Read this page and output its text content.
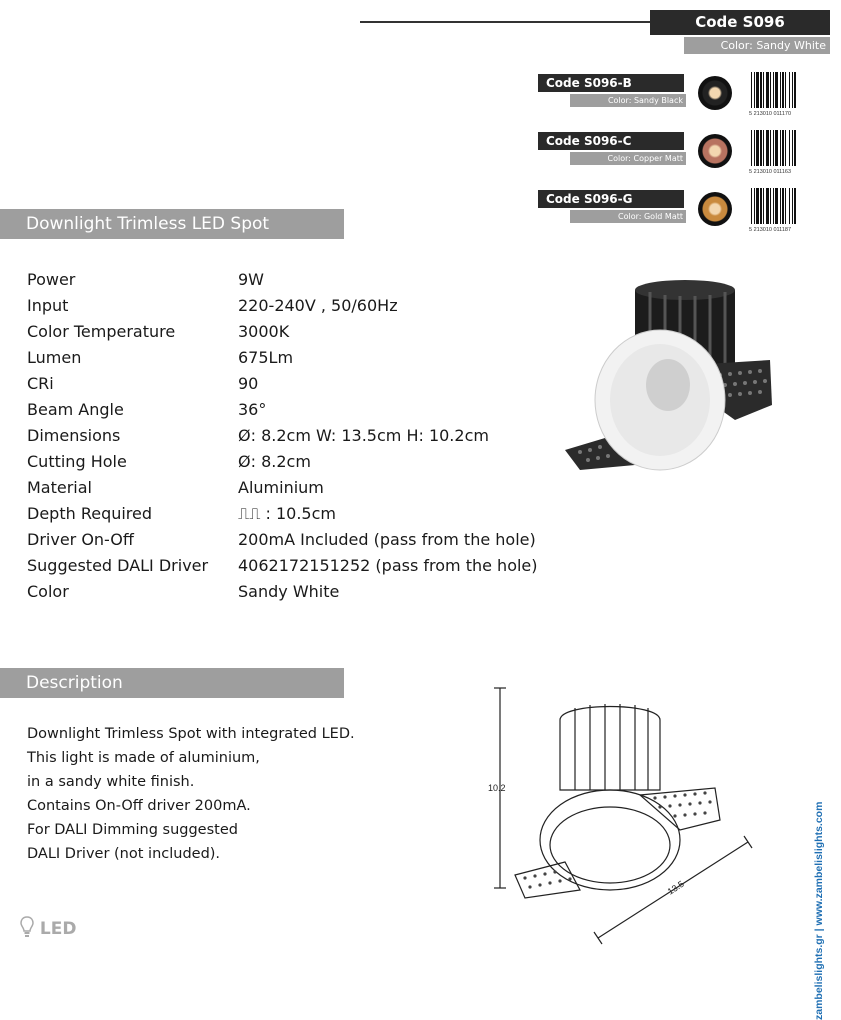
Code S096
Color: Sandy White
Code S096-B
Color: Sandy Black
5 213010 011170
Code S096-C
Color: Copper Matt
5 213010 011163
Code S096-G
Color: Gold Matt
5 213010 011187
Downlight Trimless LED Spot
Power	9W
Input	220-240V , 50/60Hz
Color Temperature	3000K
Lumen	675Lm
CRi	90
Beam Angle	36°
Dimensions	Ø: 8.2cm W: 13.5cm H: 10.2cm
Cutting Hole	Ø: 8.2cm
Material	Aluminium
Depth Required	⎍⎍ : 10.5cm
Driver On-Off	200mA Included (pass from the hole)
Suggested DALI Driver 4062172151252 (pass from the hole)
Color	Sandy White
Description
Downlight Trimless Spot with integrated LED.
This light is made of aluminium,
in a sandy white finish.
Contains On-Off driver 200mA.
For DALI Dimming suggested
DALI Driver (not included).
LED
10.2
13.5	zambelislights.gr | www.zambelislights.com
